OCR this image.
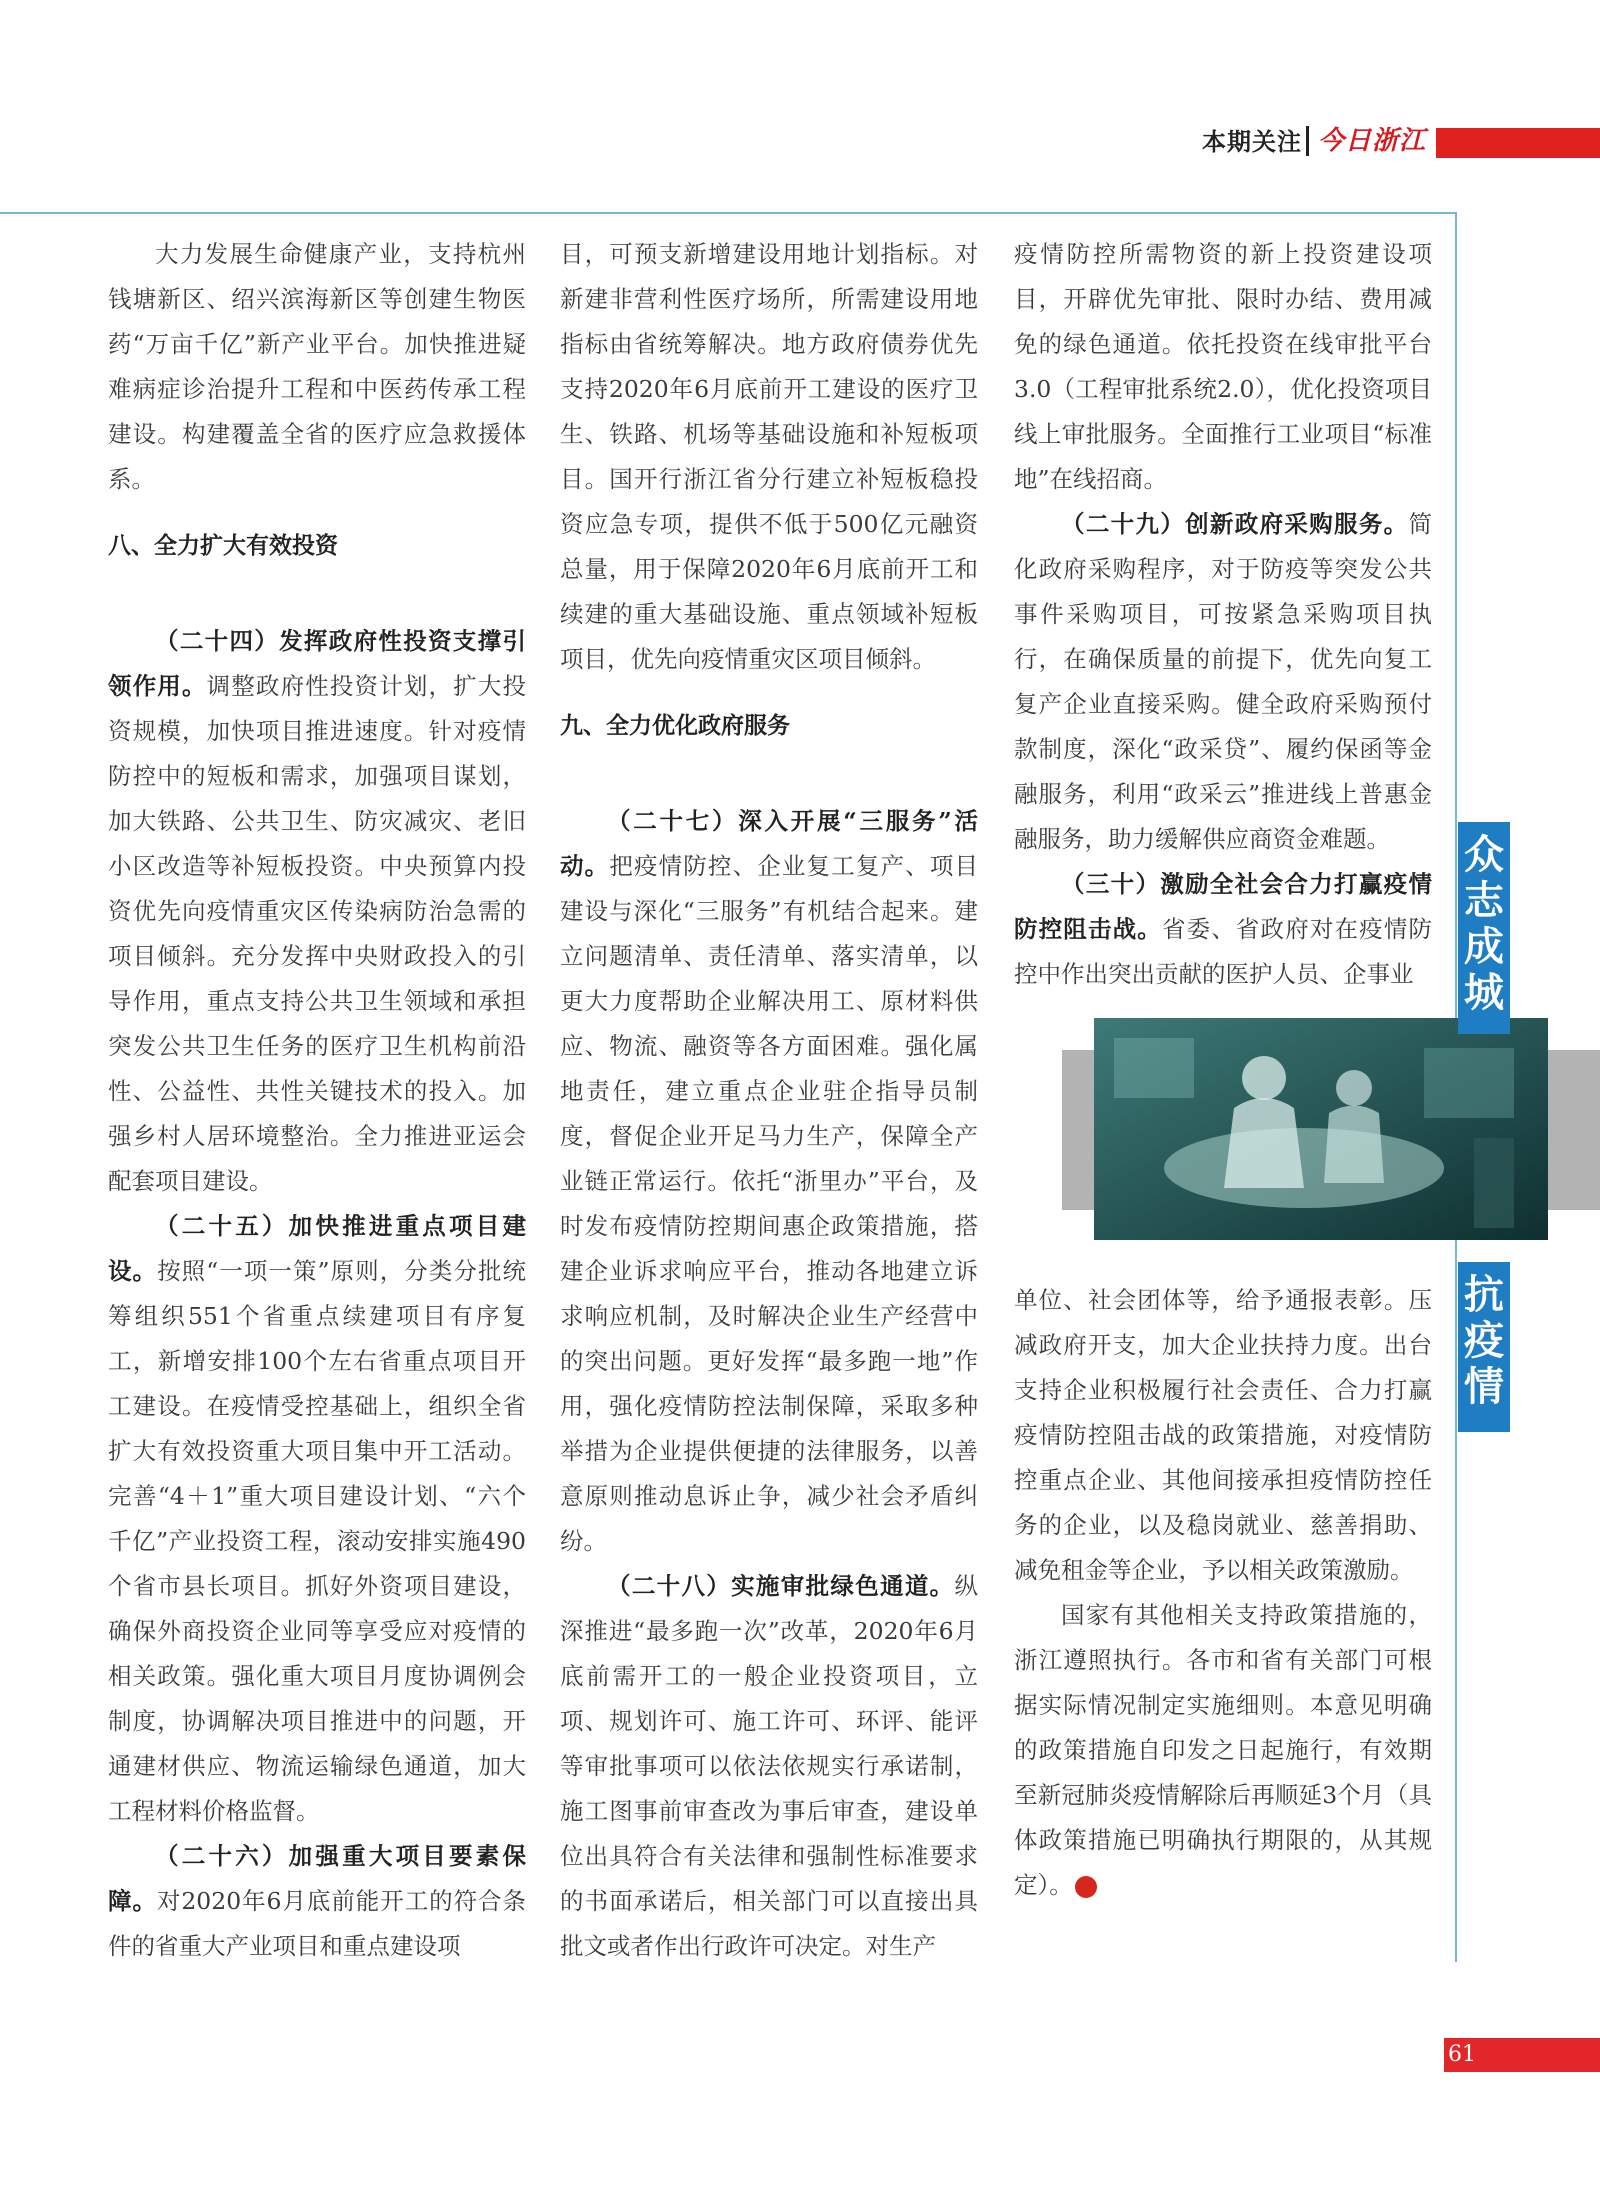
本期关注 今日浙江

大力发展生命健康产业，支持杭州钱塘新区、绍兴滨海新区等创建生物医药“万亩千亿”新产业平台。加快推进疑难病症诊治提升工程和中医药传承工程建设。构建覆盖全省的医疗应急救援体系。

八、全力扩大有效投资

（二十四）发挥政府性投资支撑引领作用。调整政府性投资计划，扩大投资规模，加快项目推进速度。针对疫情防控中的短板和需求，加强项目谋划，加大铁路、公共卫生、防灾减灾、老旧小区改造等补短板投资。中央预算内投资优先向疫情重灾区传染病防治急需的项目倾斜。充分发挥中央财政投入的引导作用，重点支持公共卫生领域和承担突发公共卫生任务的医疗卫生机构前沿性、公益性、共性关键技术的投入。加强乡村人居环境整治。全力推进亚运会配套项目建设。

（二十五）加快推进重点项目建设。按照“一项一策”原则，分类分批统筹组织551个省重点续建项目有序复工，新增安排100个左右省重点项目开工建设。在疫情受控基础上，组织全省扩大有效投资重大项目集中开工活动。完善“4＋1”重大项目建设计划、“六个千亿”产业投资工程，滚动安排实施490个省市县长项目。抓好外资项目建设，确保外商投资企业同等享受应对疫情的相关政策。强化重大项目月度协调例会制度，协调解决项目推进中的问题，开通建材供应、物流运输绿色通道，加大工程材料价格监督。

（二十六）加强重大项目要素保障。对2020年6月底前能开工的符合条件的省重大产业项目和重点建设项

目，可预支新增建设用地计划指标。对新建非营利性医疗场所，所需建设用地指标由省统筹解决。地方政府债券优先支持2020年6月底前开工建设的医疗卫生、铁路、机场等基础设施和补短板项目。国开行浙江省分行建立补短板稳投资应急专项，提供不低于500亿元融资总量，用于保障2020年6月底前开工和续建的重大基础设施、重点领域补短板项目，优先向疫情重灾区项目倾斜。

九、全力优化政府服务

（二十七）深入开展“三服务”活动。把疫情防控、企业复工复产、项目建设与深化“三服务”有机结合起来。建立问题清单、责任清单、落实清单，以更大力度帮助企业解决用工、原材料供应、物流、融资等各方面困难。强化属地责任，建立重点企业驻企指导员制度，督促企业开足马力生产，保障全产业链正常运行。依托“浙里办”平台，及时发布疫情防控期间惠企政策措施，搭建企业诉求响应平台，推动各地建立诉求响应机制，及时解决企业生产经营中的突出问题。更好发挥“最多跑一地”作用，强化疫情防控法制保障，采取多种举措为企业提供便捷的法律服务，以善意原则推动息诉止争，减少社会矛盾纠纷。

（二十八）实施审批绿色通道。纵深推进“最多跑一次”改革，2020年6月底前需开工的一般企业投资项目，立项、规划许可、施工许可、环评、能评等审批事项可以依法依规实行承诺制，施工图事前审查改为事后审查，建设单位出具符合有关法律和强制性标准要求的书面承诺后，相关部门可以直接出具批文或者作出行政许可决定。对生产

疫情防控所需物资的新上投资建设项目，开辟优先审批、限时办结、费用减免的绿色通道。依托投资在线审批平台3.0（工程审批系统2.0），优化投资项目线上审批服务。全面推行工业项目“标准地”在线招商。

（二十九）创新政府采购服务。简化政府采购程序，对于防疫等突发公共事件采购项目，可按紧急采购项目执行，在确保质量的前提下，优先向复工复产企业直接采购。健全政府采购预付款制度，深化“政采贷”、履约保函等金融服务，利用“政采云”推进线上普惠金融服务，助力缓解供应商资金难题。

（三十）激励全社会合力打赢疫情防控阻击战。省委、省政府对在疫情防控中作出突出贡献的医护人员、企事业

单位、社会团体等，给予通报表彰。压减政府开支，加大企业扶持力度。出台支持企业积极履行社会责任、合力打赢疫情防控阻击战的政策措施，对疫情防控重点企业、其他间接承担疫情防控任务的企业，以及稳岗就业、慈善捐助、减免租金等企业，予以相关政策激励。

国家有其他相关支持政策措施的，浙江遵照执行。各市和省有关部门可根据实际情况制定实施细则。本意见明确的政策措施自印发之日起施行，有效期至新冠肺炎疫情解除后再顺延3个月（具体政策措施已明确执行期限的，从其规定）。	今

众志成城
抗疫情
61
